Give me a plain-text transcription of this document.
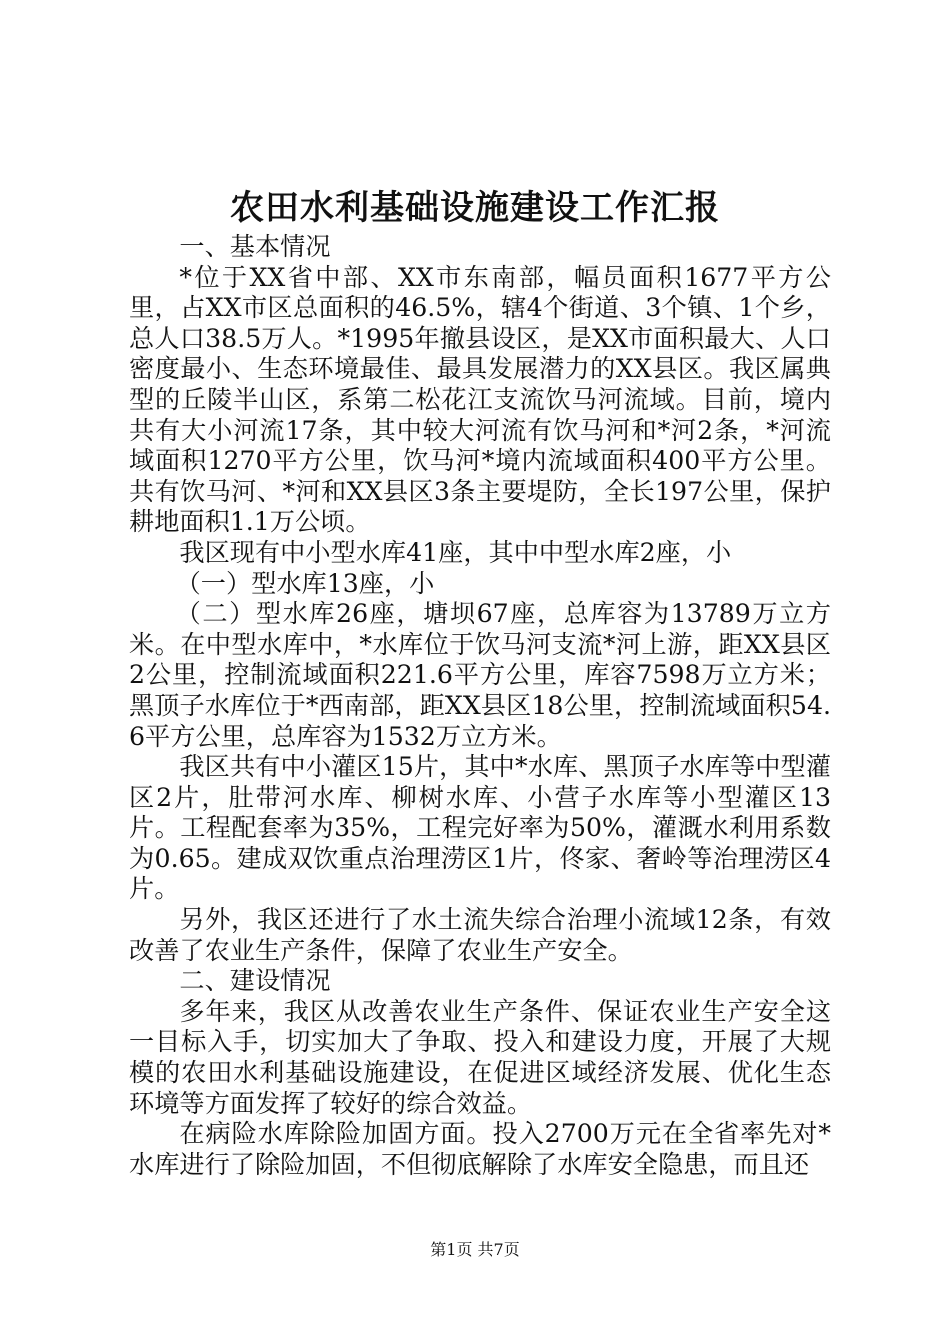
农田水利基础设施建设工作汇报

一、基本情况

*位于XX省中部、XX市东南部，幅员面积1677平方公里，占XX市区总面积的46.5%，辖4个街道、3个镇、1个乡，总人口38.5万人。*1995年撤县设区，是XX市面积最大、人口密度最小、生态环境最佳、最具发展潜力的XX县区。我区属典型的丘陵半山区，系第二松花江支流饮马河流域。目前，境内共有大小河流17条，其中较大河流有饮马河和*河2条，*河流域面积1270平方公里，饮马河*境内流域面积400平方公里。共有饮马河、*河和XX县区3条主要堤防，全长197公里，保护耕地面积1.1万公顷。

我区现有中小型水库41座，其中中型水库2座，小

（一）型水库13座，小

（二）型水库26座，塘坝67座，总库容为13789万立方米。在中型水库中，*水库位于饮马河支流*河上游，距XX县区2公里，控制流域面积221.6平方公里，库容7598万立方米；黑顶子水库位于*西南部，距XX县区18公里，控制流域面积54.6平方公里，总库容为1532万立方米。

我区共有中小灌区15片，其中*水库、黑顶子水库等中型灌区2片，肚带河水库、柳树水库、小营子水库等小型灌区13片。工程配套率为35%，工程完好率为50%，灌溉水利用系数为0.65。建成双饮重点治理涝区1片，佟家、奢岭等治理涝区4片。

另外，我区还进行了水土流失综合治理小流域12条，有效改善了农业生产条件，保障了农业生产安全。

二、建设情况

多年来，我区从改善农业生产条件、保证农业生产安全这一目标入手，切实加大了争取、投入和建设力度，开展了大规模的农田水利基础设施建设，在促进区域经济发展、优化生态环境等方面发挥了较好的综合效益。

在病险水库除险加固方面。投入2700万元在全省率先对*水库进行了除险加固，不但彻底解除了水库安全隐患，而且还

第1页 共7页
